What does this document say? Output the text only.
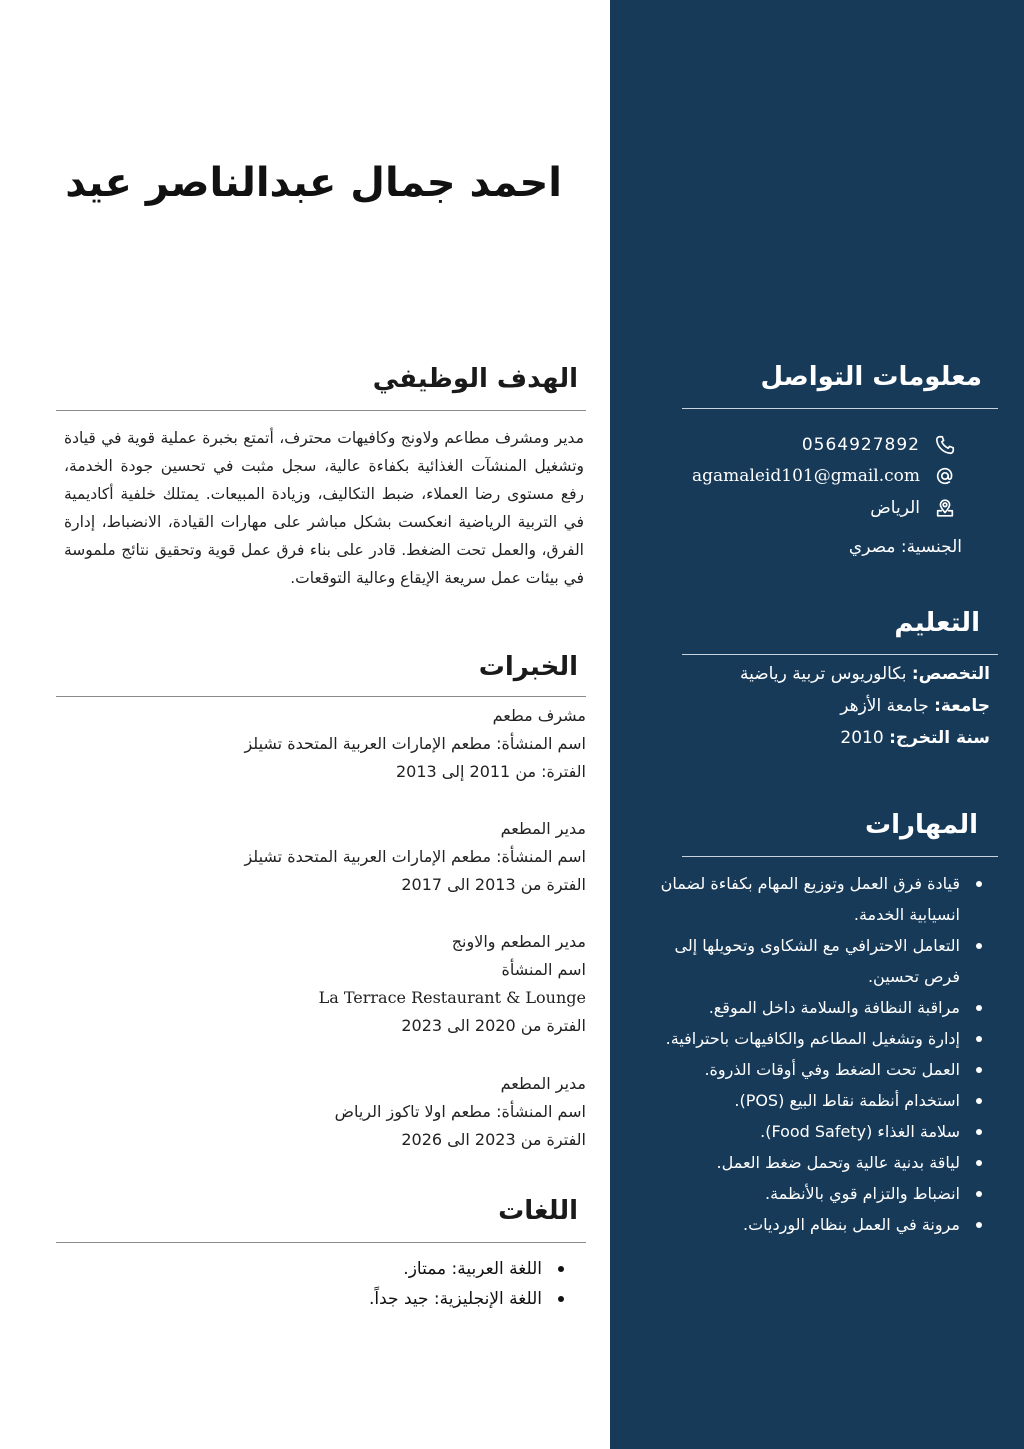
احمد جمال عبدالناصر عيد
الهدف الوظيفي

مدير ومشرف مطاعم ولاونج وكافيهات محترف، أتمتع بخبرة عملية قوية في قيادة وتشغيل المنشآت الغذائية بكفاءة عالية، سجل مثبت في تحسين جودة الخدمة، رفع مستوى رضا العملاء، ضبط التكاليف، وزيادة المبيعات. يمتلك خلفية أكاديمية في التربية الرياضية انعكست بشكل مباشر على مهارات القيادة، الانضباط، إدارة الفرق، والعمل تحت الضغط. قادر على بناء فرق عمل قوية وتحقيق نتائج ملموسة في بيئات عمل سريعة الإيقاع وعالية التوقعات.

الخبرات
مشرف مطعم
اسم المنشأة: مطعم الإمارات العربية المتحدة تشيلز
الفترة: من 2011 إلى 2013
مدير المطعم
اسم المنشأة: مطعم الإمارات العربية المتحدة تشيلز
الفترة من 2013 الى 2017
مدير المطعم والاونج
اسم المنشأة
La Terrace Restaurant & Lounge
الفترة من 2020 الى 2023
مدير المطعم
اسم المنشأة: مطعم اولا تاكوز الرياض
الفترة من 2023 الى 2026
اللغات
اللغة العربية: ممتاز.
اللغة الإنجليزية: جيد جداً.
معلومات التواصل
0564927892
agamaleid101@gmail.com
الرياض
الجنسية: مصري
التعليم
التخصص: بكالوريوس تربية رياضية
جامعة: جامعة الأزهر
سنة التخرج: 2010
المهارات
قيادة فرق العمل وتوزيع المهام بكفاءة لضمان انسيابية الخدمة.
التعامل الاحترافي مع الشكاوى وتحويلها إلى فرص تحسين.
مراقبة النظافة والسلامة داخل الموقع.
إدارة وتشغيل المطاعم والكافيهات باحترافية.
العمل تحت الضغط وفي أوقات الذروة.
استخدام أنظمة نقاط البيع (POS).
سلامة الغذاء (Food Safety).
لياقة بدنية عالية وتحمل ضغط العمل.
انضباط والتزام قوي بالأنظمة.
مرونة في العمل بنظام الورديات.
